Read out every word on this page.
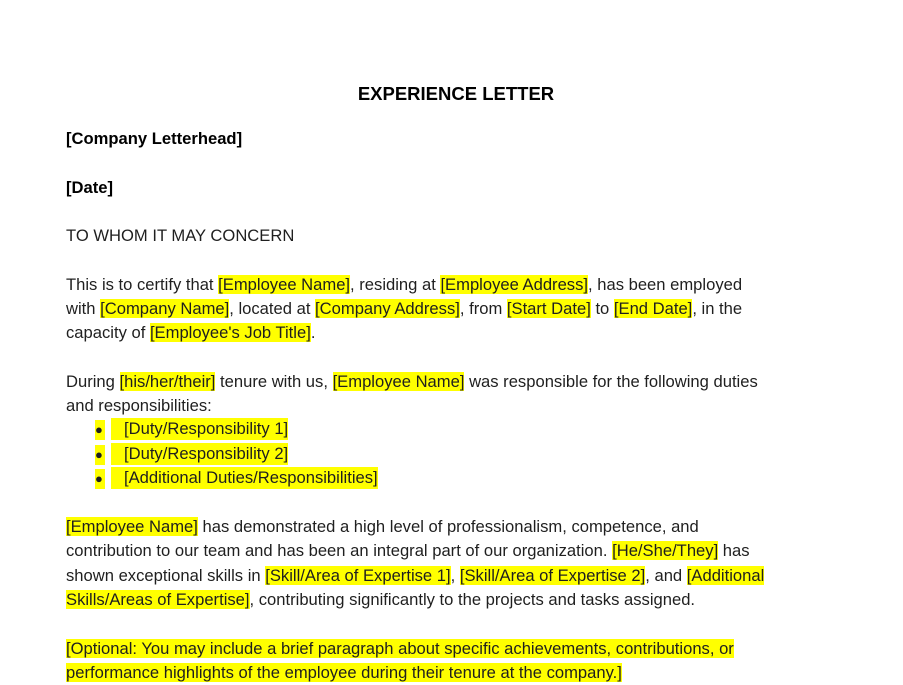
EXPERIENCE LETTER
[Company Letterhead]
[Date]
TO WHOM IT MAY CONCERN
This is to certify that [Employee Name], residing at [Employee Address], has been employed
with [Company Name], located at [Company Address], from [Start Date] to [End Date], in the
capacity of [Employee's Job Title].
During [his/her/their] tenure with us, [Employee Name] was responsible for the following duties
and responsibilities:
● [Duty/Responsibility 1]
● [Duty/Responsibility 2]
● [Additional Duties/Responsibilities]
[Employee Name] has demonstrated a high level of professionalism, competence, and
contribution to our team and has been an integral part of our organization. [He/She/They] has
shown exceptional skills in [Skill/Area of Expertise 1], [Skill/Area of Expertise 2], and [Additional
Skills/Areas of Expertise], contributing significantly to the projects and tasks assigned.
[Optional: You may include a brief paragraph about specific achievements, contributions, or
performance highlights of the employee during their tenure at the company.]
